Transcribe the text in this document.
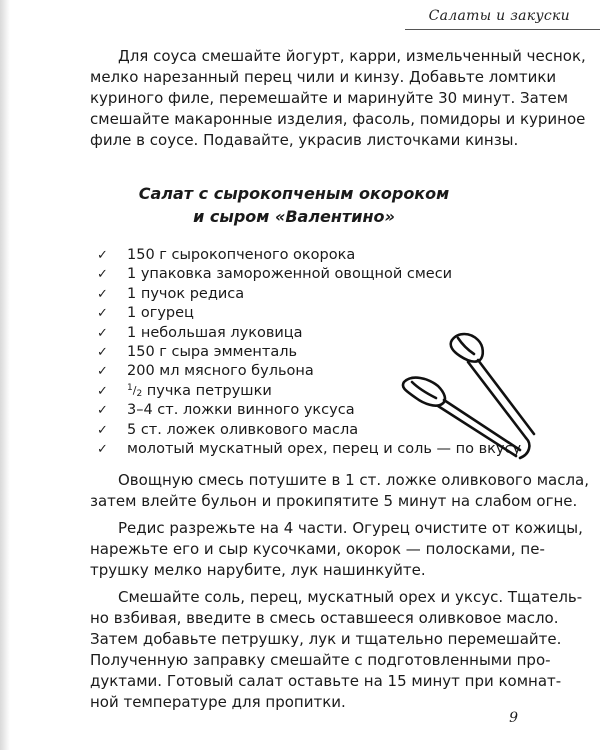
Салаты и закуски

Для соуса смешайте йогурт, карри, измельченный чеснок,
мелко нарезанный перец чили и кинзу. Добавьте ломтики
куриного филе, перемешайте и маринуйте 30 минут. Затем
смешайте макаронные изделия, фасоль, помидоры и куриное
филе в соусе. Подавайте, украсив листочками кинзы.

Салат с сырокопченым окороком
и сыром «Валентино»
✓	150 г сырокопченого окорока
✓	1 упаковка замороженной овощной смеси
✓	1 пучок редиса
✓	1 огурец
✓	1 небольшая луковица
✓	150 г сыра эмменталь
✓	200 мл мясного бульона
✓	$^1/_2$
пучка петрушки
✓	3–4 ст. ложки винного уксуса
✓	5 ст. ложек оливкового масла
✓	молотый мускатный орех, перец и соль — по вкусу

Овощную смесь потушите в 1 ст. ложке оливкового масла,
затем влейте бульон и прокипятите 5 минут на слабом огне.
Редис разрежьте на 4 части. Огурец очистите от кожицы,
нарежьте его и сыр кусочками, окорок — полосками, пе-
трушку мелко нарубите, лук нашинкуйте.
Смешайте соль, перец, мускатный орех и уксус. Тщатель-
но взбивая, введите в смесь оставшееся оливковое масло.
Затем добавьте петрушку, лук и тщательно перемешайте.
Полученную заправку смешайте с подготовленными про-
дуктами. Готовый салат оставьте на 15 минут при комнат-
ной температуре для пропитки.

9
